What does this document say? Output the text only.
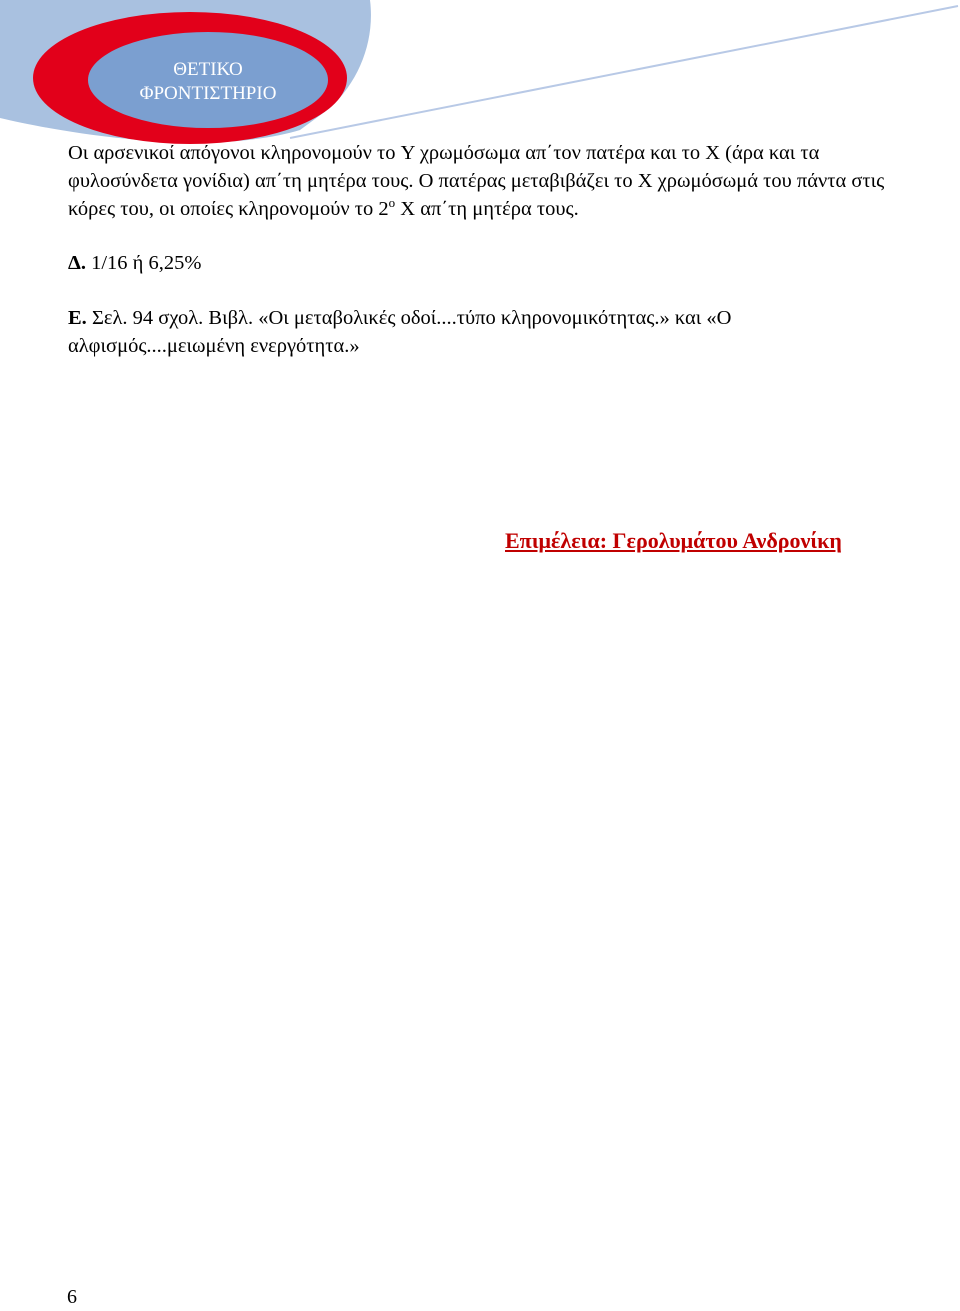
ΘΕΤΙΚΟ
ΦΡΟΝΤΙΣΤΗΡΙΟ

Οι αρσενικοί απόγονοι κληρονομούν το Y χρωμόσωμα απ΄τον πατέρα και το Χ (άρα και τα φυλοσύνδετα γονίδια) απ΄τη μητέρα τους. Ο πατέρας μεταβιβάζει το Χ χρωμόσωμά του πάντα στις κόρες του, οι οποίες κληρονομούν το $2^o$ Χ απ΄τη μητέρα τους.

Δ. 1/16 ή 6,25%

Ε. Σελ. 94 σχολ. Βιβλ. «Οι μεταβολικές οδοί....τύπο κληρονομικότητας.» και «Ο αλφισμός....μειωμένη ενεργότητα.»

Επιμέλεια: Γερολυμάτου Ανδρονίκη
6
